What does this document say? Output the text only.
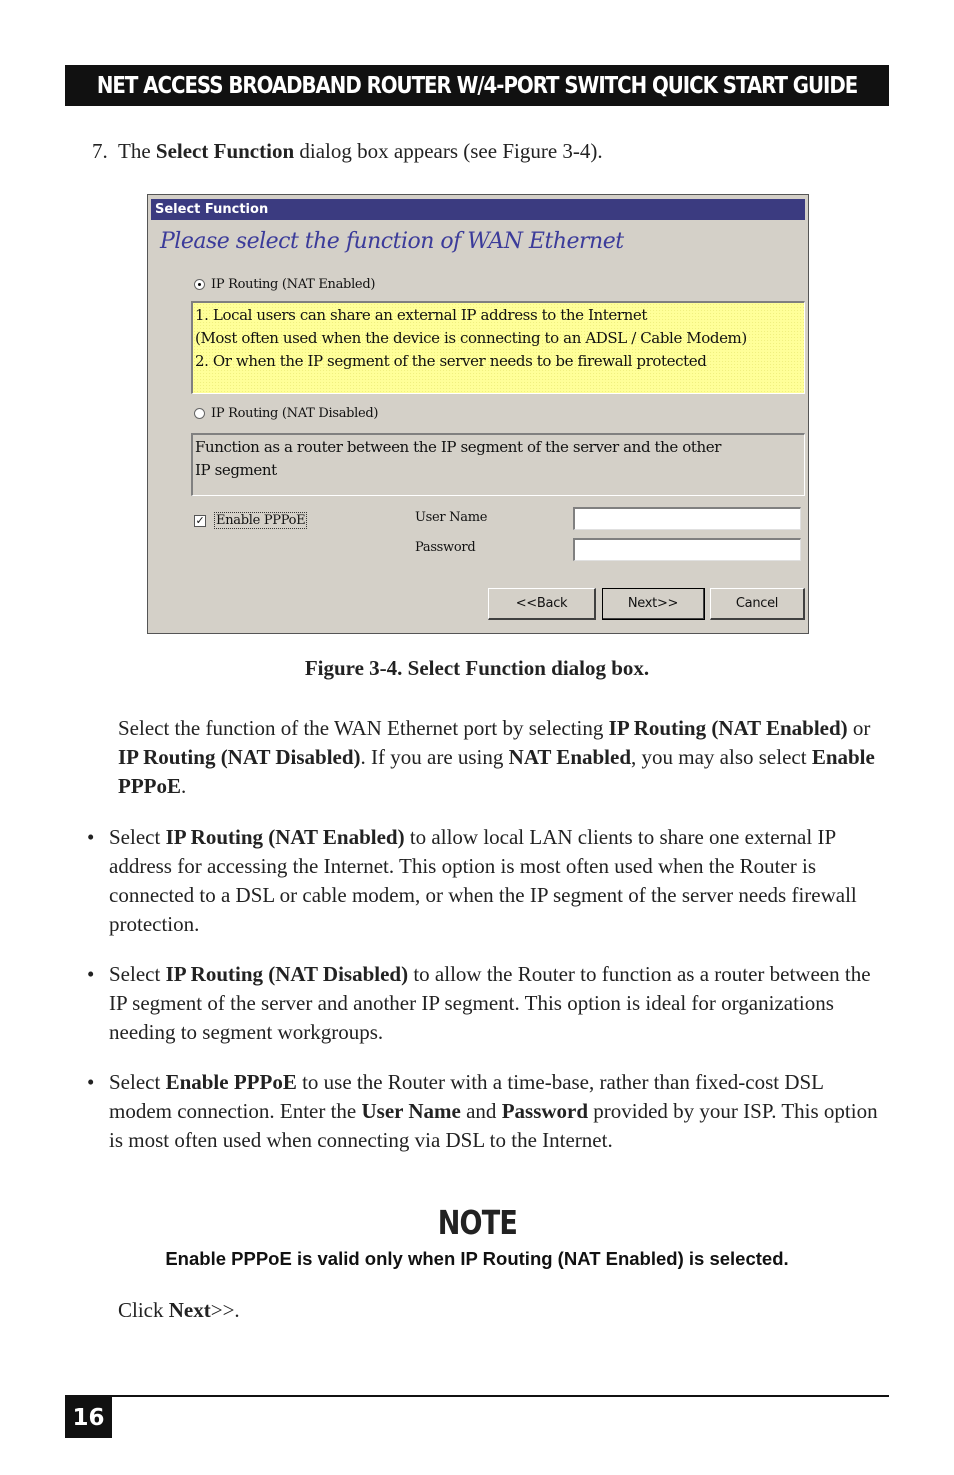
NET ACCESS BROADBAND ROUTER W/4-PORT SWITCH QUICK START GUIDE
7. The Select Function dialog box appears (see Figure 3-4).
Select Function
Please select the function of WAN Ethernet
IP Routing (NAT Enabled)
1. Local users can share an external IP address to the Internet
(Most often used when the device is connecting to an ADSL / Cable Modem)
2. Or when the IP segment of the server needs to be firewall protected
IP Routing (NAT Disabled)
Function as a router between the IP segment of the server and the other
IP segment
✓ Enable PPPoE	User Name
Password
<<Back	Next>>	Cancel
Figure 3-4. Select Function dialog box.
Select the function of the WAN Ethernet port by selecting IP Routing (NAT Enabled) or IP Routing (NAT Disabled). If you are using NAT Enabled, you may also select Enable PPPoE.
• Select IP Routing (NAT Enabled) to allow local LAN clients to share one external IP address for accessing the Internet. This option is most often used when the Router is connected to a DSL or cable modem, or when the IP segment of the server needs firewall protection.
• Select IP Routing (NAT Disabled) to allow the Router to function as a router between the IP segment of the server and another IP segment. This option is ideal for organizations needing to segment workgroups.
• Select Enable PPPoE to use the Router with a time-base, rather than fixed-cost DSL modem connection. Enter the User Name and Password provided by your ISP. This option is most often used when connecting via DSL to the Internet.
NOTE
Enable PPPoE is valid only when IP Routing (NAT Enabled) is selected.
Click Next>>.
16
